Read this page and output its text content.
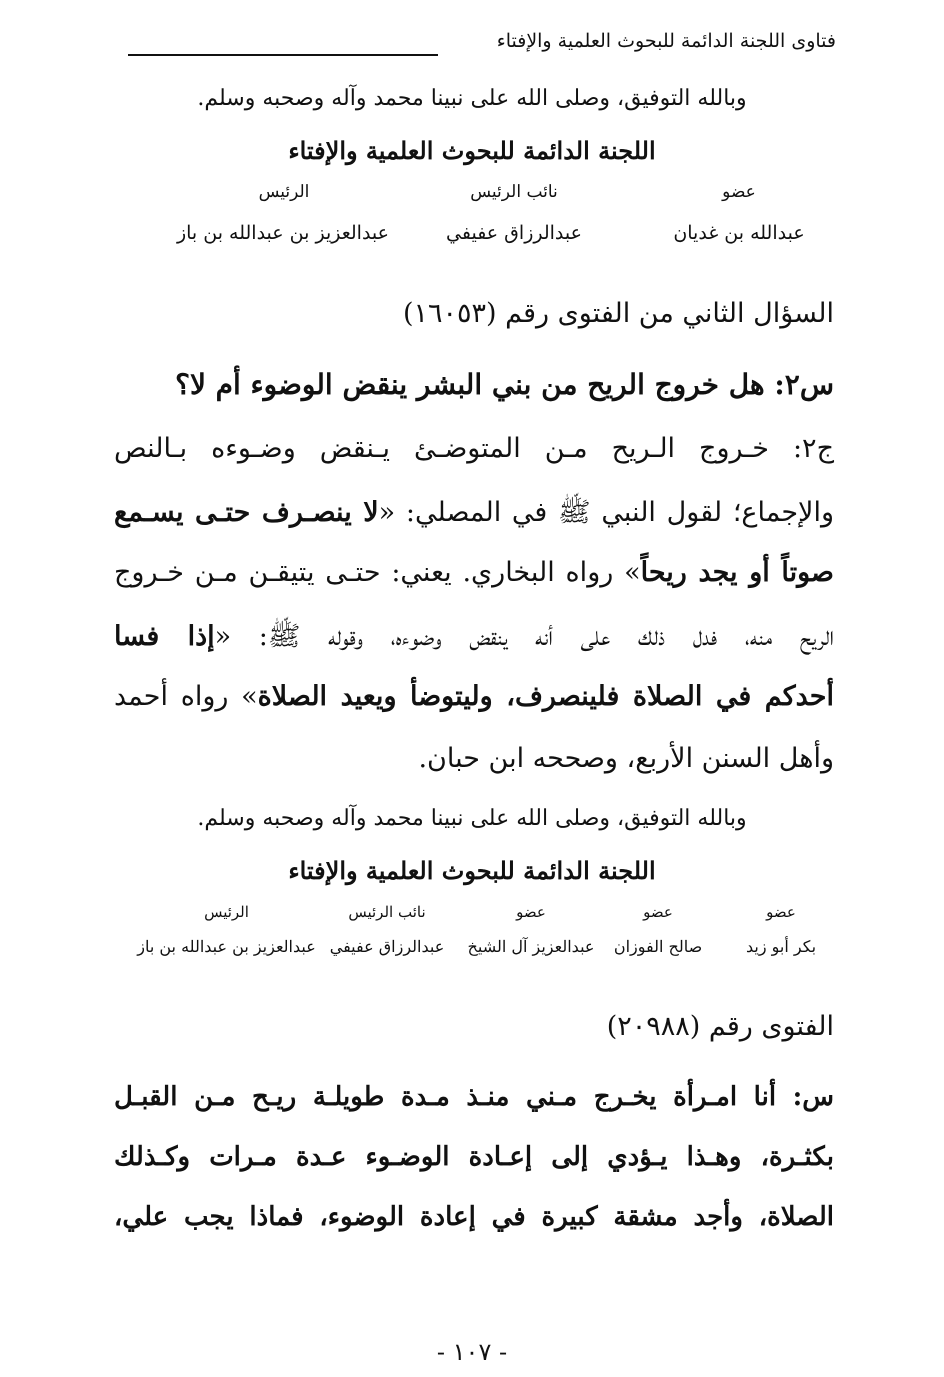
فتاوى اللجنة الدائمة للبحوث العلمية والإفتاء
وبالله التوفيق، وصلى الله على نبينا محمد وآله وصحبه وسلم.
اللجنة الدائمة للبحوث العلمية والإفتاء
عضو
عبدالله بن غديان
نائب الرئيس
عبدالرزاق عفيفي
الرئيس
عبدالعزيز بن عبدالله بن باز
السؤال الثاني من الفتوى رقم (١٦٠٥٣)
س٢: هل خروج الريح من بني البشر ينقض الوضوء أم لا؟
ج٢: خـروج الـريح مـن المتوضـئ يـنقض وضـوءه بـالنص
والإجماع؛ لقول النبي ﷺ في المصلي: «لا ينصـرف حتـى يسـمع
صوتاً أو يجد ريحاً» رواه البخاري. يعني: حتـى يتيقـن مـن خـروج
الريح منه، فدل ذلك على أنه ينقض وضوءه، وقوله ﷺ: «إذا فسا
أحدكم في الصلاة فلينصرف، وليتوضأ ويعيد الصلاة» رواه أحمد
وأهل السنن الأربع، وصححه ابن حبان.
وبالله التوفيق، وصلى الله على نبينا محمد وآله وصحبه وسلم.
اللجنة الدائمة للبحوث العلمية والإفتاء
عضو
بكر أبو زيد
عضو
صالح الفوزان
عضو
عبدالعزيز آل الشيخ
نائب الرئيس
عبدالرزاق عفيفي
الرئيس
عبدالعزيز بن عبدالله بن باز
الفتوى رقم (٢٠٩٨٨)
س: أنا امـرأة يخـرج مـني منـذ مـدة طويلـة ريـح مـن القبـل
بكثـرة، وهـذا يـؤدي إلى إعـادة الوضـوء عـدة مـرات وكـذلك
الصلاة، وأجد مشقة كبيرة في إعادة الوضوء، فماذا يجب علي،
- ١٠٧ -
